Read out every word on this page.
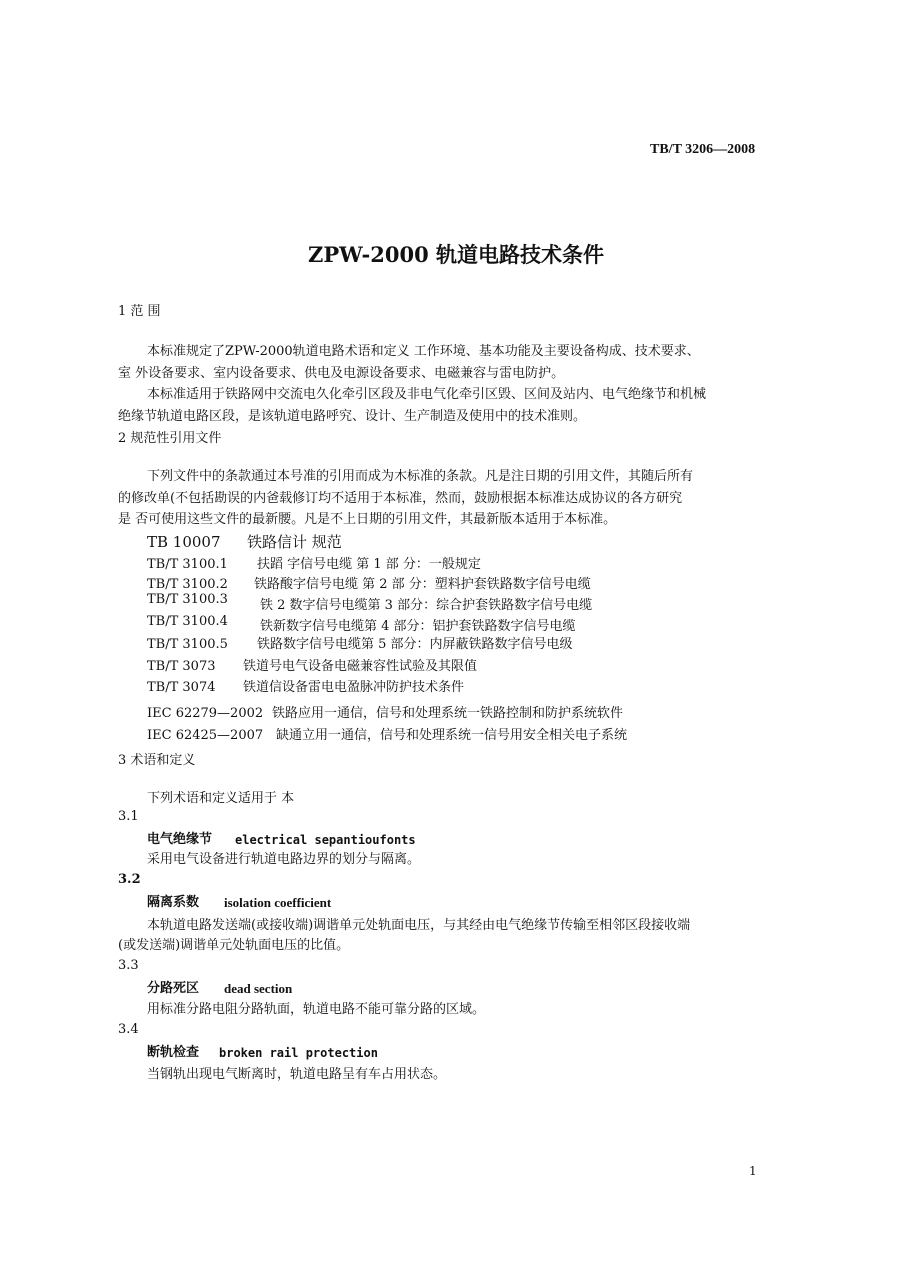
TB/T 3206—2008
ZPW-2000 轨道电路技术条件
1 范 围
本标准规定了ZPW-2000轨道电路术语和定义 工作环境、基本功能及主要设备构成、技术要求、
室 外设备要求、室内设备要求、供电及电源设备要求、电磁兼容与雷电防护。
本标准适用于铁路网中交流电久化牵引区段及非电气化牵引区毁、区间及站内、电气绝缘节和机械
绝缘节轨道电路区段，是该轨道电路呼究、设计、生产制造及使用中的技术准则。
2 规范性引用文件
下列文件中的条款通过本号准的引用而成为木标准的条款。凡是注日期的引用文件，其随后所有
的修改单(不包括勘误的内爸载修订均不适用于本标准，然而，鼓励根据本标准达成协议的各方研究
是 否可使用这些文件的最新腰。凡是不上日期的引用文件，其最新版本适用于本标准。
TB 10007 铁路信计 规范
TB/T 3100.1 扶蹈 字信号电缆 第 1 部 分：一般规定
TB/T 3100.2 铁路酸字信号电缆 第 2 部 分：塑料护套铁路数字信号电缆
TB/T 3100.3 铁 2 数字信号电缆第 3 部分：综合护套铁路数字信号电缆
TB/T 3100.4 铁新数字信号电缆第 4 部分：铝护套铁路数字信号电缆
TB/T 3100.5 铁路数字信号电缆第 5 部分：内屏蔽铁路数字信号电级
TB/T 3073 铁道号电气设备电磁兼容性试验及其限值
TB/T 3074 铁道信设备雷电电盈脉冲防护技术条件
IEC 62279—2002 铁路应用一通信，信号和处理系统一铁路控制和防护系统软件
IEC 62425—2007 缺通立用一通信，信号和处理系统一信号用安全相关电子系统
3 术语和定义
下列术语和定义适用于 本
3.1
电气绝缘节 electrical sepantioufonts
采用电气设备进行轨道电路边界的划分与隔离。
3.2
隔离系数 isolation coefficient
本轨道电路发送端(或接收端)调谐单元处轨面电压，与其经由电气绝缘节传输至相邻区段接收端
(或发送端)调谐单元处轨面电压的比值。
3.3
分路死区 dead section
用标准分路电阻分路轨面，轨道电路不能可靠分路的区域。
3.4
断轨检查 broken rail protection
当钢轨出现电气断离时，轨道电路呈有车占用状态。
1
